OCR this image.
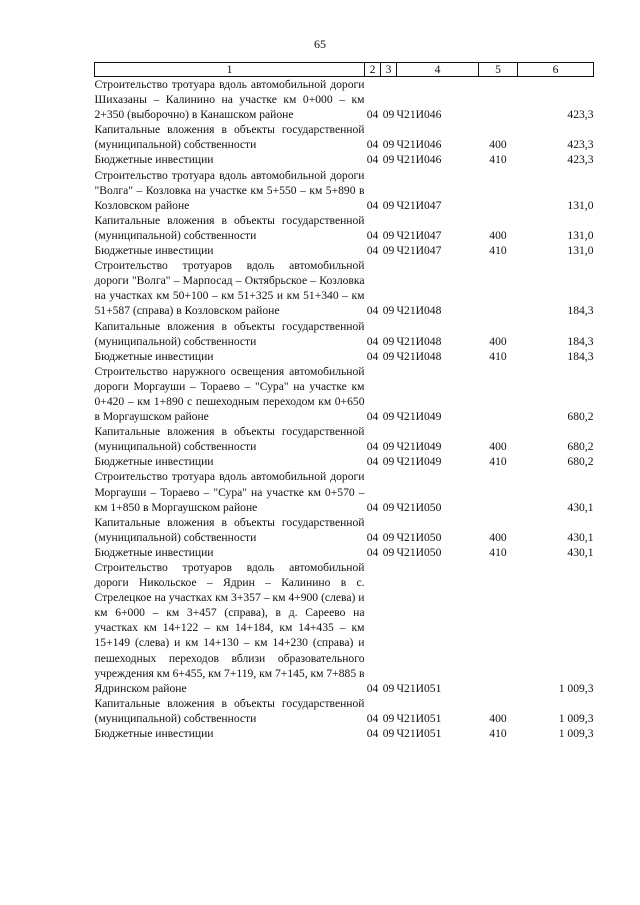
65
1	2	3	4	5	6
Строительство тротуара вдоль автомобильной дороги Шихазаны – Калинино на участке км 0+000 – км 2+350 (выборочно) в Канашском районе	04	09	Ч21И046		423,3
Капитальные вложения в объекты государственной (муниципальной) собственности	04	09	Ч21И046	400	423,3
Бюджетные инвестиции	04	09	Ч21И046	410	423,3
Строительство тротуара вдоль автомобильной дороги "Волга" – Козловка на участке км 5+550 – км 5+890 в Козловском районе	04	09	Ч21И047		131,0
Капитальные вложения в объекты государственной (муниципальной) собственности	04	09	Ч21И047	400	131,0
Бюджетные инвестиции	04	09	Ч21И047	410	131,0
Строительство тротуаров вдоль автомобильной дороги "Волга" – Марпосад – Октябрьское – Козловка на участках км 50+100 – км 51+325 и км 51+340 – км 51+587 (справа) в Козловском районе	04	09	Ч21И048		184,3
Капитальные вложения в объекты государственной (муниципальной) собственности	04	09	Ч21И048	400	184,3
Бюджетные инвестиции	04	09	Ч21И048	410	184,3
Строительство наружного освещения автомобильной дороги Моргауши – Тораево – "Сура" на участке км 0+420 – км 1+890 с пешеходным переходом км 0+650 в Моргаушском районе	04	09	Ч21И049		680,2
Капитальные вложения в объекты государственной (муниципальной) собственности	04	09	Ч21И049	400	680,2
Бюджетные инвестиции	04	09	Ч21И049	410	680,2
Строительство тротуара вдоль автомобильной дороги Моргауши – Тораево – "Сура" на участке км 0+570 – км 1+850 в Моргаушском районе	04	09	Ч21И050		430,1
Капитальные вложения в объекты государственной (муниципальной) собственности	04	09	Ч21И050	400	430,1
Бюджетные инвестиции	04	09	Ч21И050	410	430,1
Строительство тротуаров вдоль автомобильной дороги Никольское – Ядрин – Калинино в с. Стрелецкое на участках км 3+357 – км 4+900 (слева) и км 6+000 – км 3+457 (справа), в д. Сареево на участках км 14+122 – км 14+184, км 14+435 – км 15+149 (слева) и км 14+130 – км 14+230 (справа) и пешеходных переходов вблизи образовательного учреждения км 6+455, км 7+119, км 7+145, км 7+885 в Ядринском районе	04	09	Ч21И051		1 009,3
Капитальные вложения в объекты государственной (муниципальной) собственности	04	09	Ч21И051	400	1 009,3
Бюджетные инвестиции	04	09	Ч21И051	410	1 009,3
